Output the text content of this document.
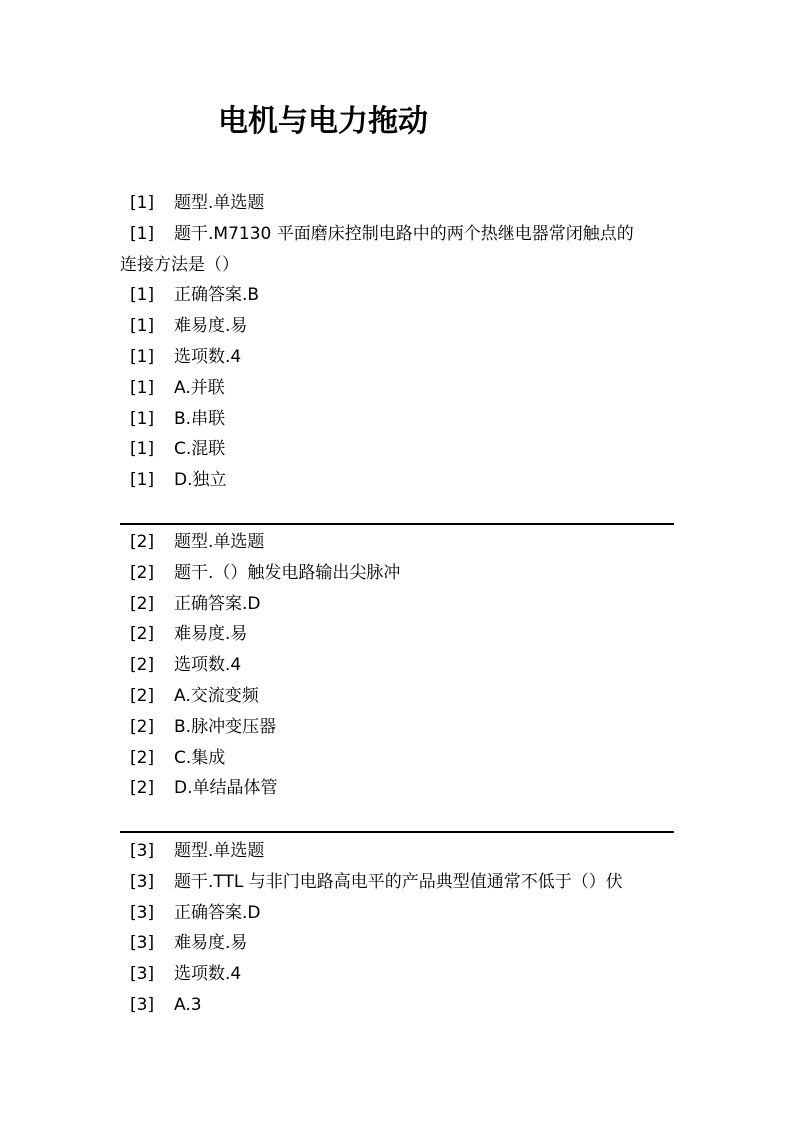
电机与电力拖动
[1] 题型.单选题
[1] 题干.M7130 平面磨床控制电路中的两个热继电器常闭触点的
连接方法是（）
[1] 正确答案.B
[1] 难易度.易
[1] 选项数.4
[1] A.并联
[1] B.串联
[1] C.混联
[1] D.独立
[2] 题型.单选题
[2] 题干.（）触发电路输出尖脉冲
[2] 正确答案.D
[2] 难易度.易
[2] 选项数.4
[2] A.交流变频
[2] B.脉冲变压器
[2] C.集成
[2] D.单结晶体管
[3] 题型.单选题
[3] 题干.TTL 与非门电路高电平的产品典型值通常不低于（）伏
[3] 正确答案.D
[3] 难易度.易
[3] 选项数.4
[3] A.3
